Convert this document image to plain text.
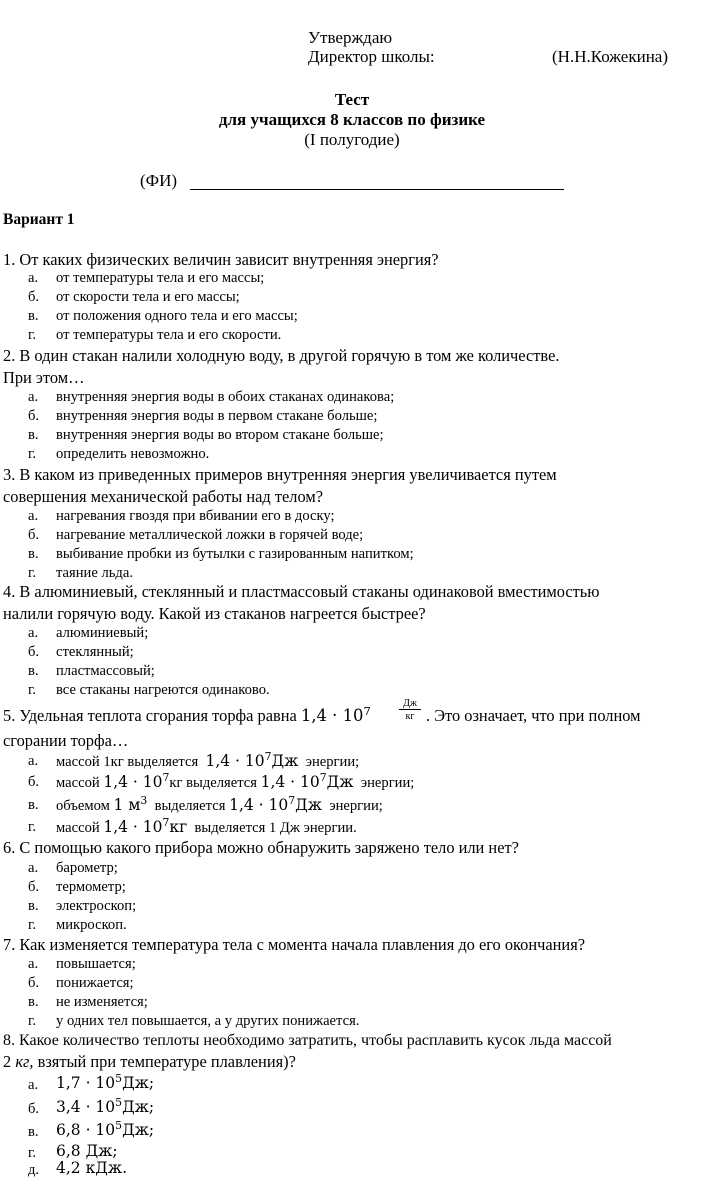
Утверждаю
Директор школы:	(Н.Н.Кожекина)
Тест
для учащихся 8 классов по физике
(I полугодие)
(ФИ)
Вариант 1
1. От каких физических величин зависит внутренняя энергия?
а. от температуры тела и его массы;
б. от скорости тела и его массы;
в. от положения одного тела и его массы;
г. от температуры тела и его скорости.
2. В один стакан налили холодную воду, в другой горячую в том же количестве.
При этом…
а. внутренняя энергия воды в обоих стаканах одинакова;
б. внутренняя энергия воды в первом стакане больше;
в. внутренняя энергия воды во втором стакане больше;
г. определить невозможно.
3. В каком из приведенных примеров внутренняя энергия увеличивается путем
совершения механической работы над телом?
а. нагревания гвоздя при вбивании его в доску;
б. нагревание металлической ложки в горячей воде;
в. выбивание пробки из бутылки с газированным напитком;
г. таяние льда.
4. В алюминиевый, стеклянный и пластмассовый стаканы одинаковой вместимостью
налили горячую воду. Какой из стаканов нагреется быстрее?
а. алюминиевый;
б. стеклянный;
в. пластмассовый;
г. все стаканы нагреются одинаково.
5. Удельная теплота сгорания торфа равна $1,4 \cdot 10^7$
Дж
кг . Это означает, что при полном
сгорании торфа…
а. массой 1кг выделяется $1,4 \cdot 10^7Дж$ энергии;
б. массой $1,4 \cdot 10^7кг$ выделяется $1,4 \cdot 10^7Дж$ энергии;
в. объемом 1 $м^3$ выделяется $1,4 \cdot 10^7Дж$ энергии;
г. массой $1,4 \cdot 10^7кг$ выделяется 1 Дж энергии.
6. С помощью какого прибора можно обнаружить заряжено тело или нет?
а. барометр;
б. термометр;
в. электроскоп;
г. микроскоп.
7. Как изменяется температура тела с момента начала плавления до его окончания?
а. повышается;
б. понижается;
в. не изменяется;
г. у одних тел повышается, а у других понижается.
8. Какое количество теплоты необходимо затратить, чтобы расплавить кусок льда массой
2 кг, взятый при температуре плавления)?
а. $1,7 \cdot 10^5Дж$;
б. $3,4 \cdot 10^5Дж$;
в. $6,8 \cdot 10^5Дж$;
г. 6,8 Дж;
д. 4,2 кДж.
